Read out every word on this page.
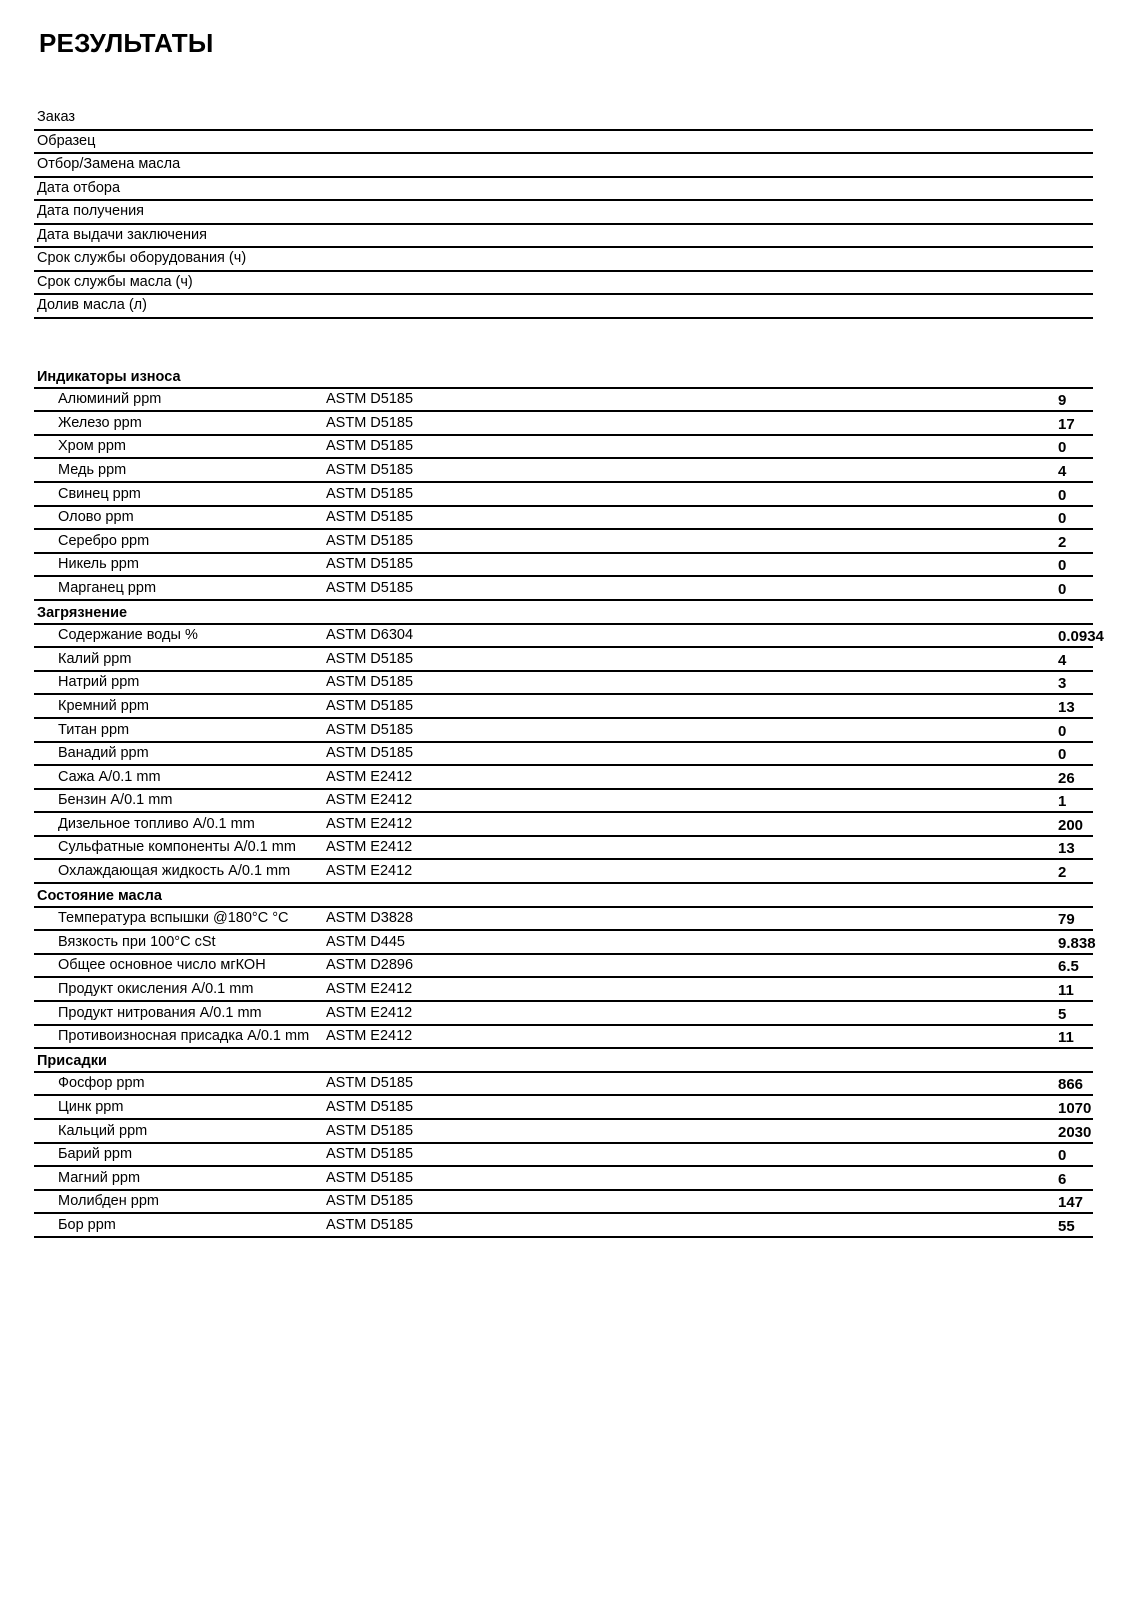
РЕЗУЛЬТАТЫ
Заказ
Образец
Отбор/Замена масла
Дата отбора
Дата получения
Дата выдачи заключения
Срок службы оборудования (ч)
Срок службы масла (ч)
Долив масла (л)
Индикаторы износа
Алюминий ppm	ASTM D5185	9
Железо ppm	ASTM D5185	17
Хром ppm	ASTM D5185	0
Медь ppm	ASTM D5185	4
Свинец ppm	ASTM D5185	0
Олово ppm	ASTM D5185	0
Серебро ppm	ASTM D5185	2
Никель ppm	ASTM D5185	0
Марганец ppm	ASTM D5185	0
Загрязнение
Содержание воды %	ASTM D6304	0.0934
Калий ppm	ASTM D5185	4
Натрий ppm	ASTM D5185	3
Кремний ppm	ASTM D5185	13
Титан ppm	ASTM D5185	0
Ванадий ppm	ASTM D5185	0
Сажа A/0.1 mm	ASTM E2412	26
Бензин A/0.1 mm	ASTM E2412	1
Дизельное топливо A/0.1 mm	ASTM E2412	200
Сульфатные компоненты A/0.1 mm ASTM E2412	13
Охлаждающая жидкость A/0.1 mm ASTM E2412	2
Состояние масла
Температура вспышки @180°C °C	ASTM D3828	79
Вязкость при 100°C cSt	ASTM D445	9.838
Общее основное число мгКОН	ASTM D2896	6.5
Продукт окисления A/0.1 mm	ASTM E2412	11
Продукт нитрования A/0.1 mm	ASTM E2412	5
Противоизносная присадка A/0.1 mm ASTM E2412	11
Присадки
Фосфор ppm	ASTM D5185	866
Цинк ppm	ASTM D5185	1070
Кальций ppm	ASTM D5185	2030
Барий ppm	ASTM D5185	0
Магний ppm	ASTM D5185	6
Молибден ppm	ASTM D5185	147
Бор ppm	ASTM D5185	55
